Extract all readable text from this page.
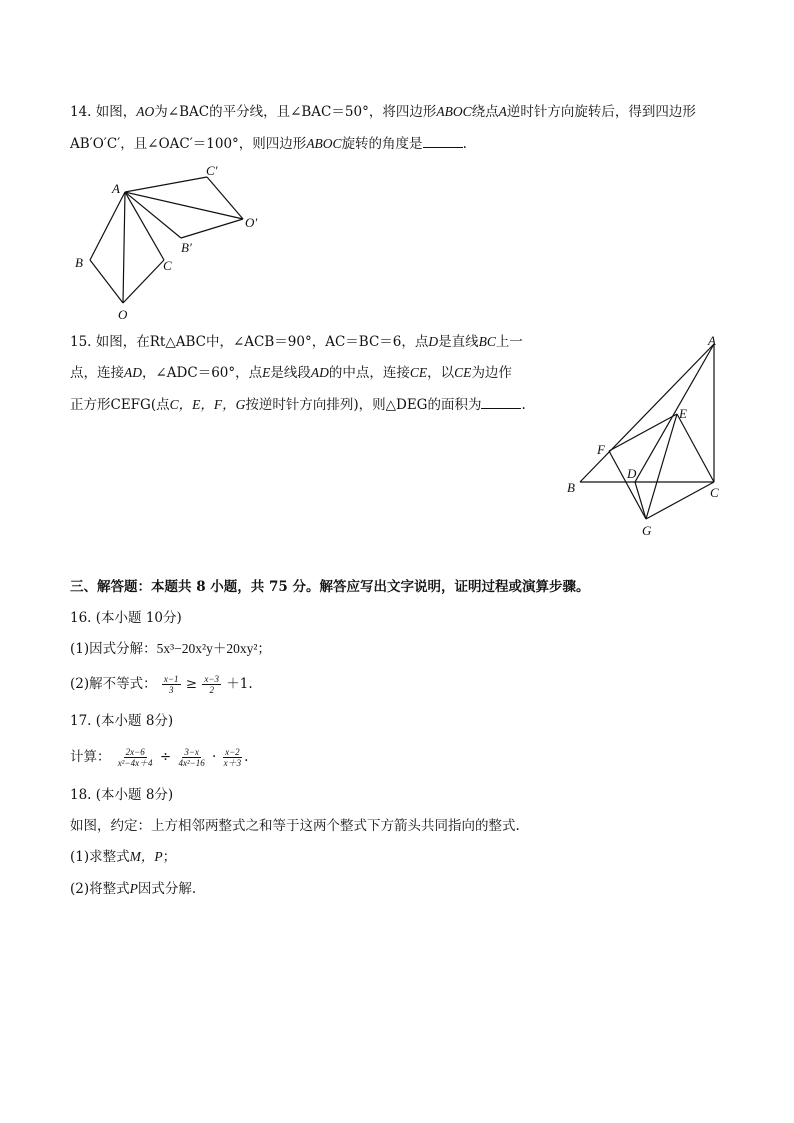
14. 如图，AO为∠BAC的平分线，且∠BAC＝50°，将四边形ABOC绕点A逆时针方向旋转后，得到四边形
AB′O′C′，且∠OAC′＝100°，则四边形ABOC旋转的角度是	.
A
B	C
O
C′
B′
O′
15. 如图，在Rt△ABC中，∠ACB＝90°，AC＝BC＝6，点D是直线BC上一
点，连接AD，∠ADC＝60°，点E是线段AD的中点，连接CE，以CE为边作
正方形CEFG(点C，E，F，G按逆时针方向排列)，则△DEG的面积为	.
A
B	C
D
E
F
G
三、解答题：本题共 8 小题，共 75 分。解答应写出文字说明，证明过程或演算步骤。
16. (本小题 10分)
(1)因式分解：5x³−20x²y＋20xy²；
(2)解不等式： $\frac{x-1}{3} \ge \frac{x-3}{2} +1$.
17. (本小题 8分)
计算： $\frac{2x-6}{\text{x²−4x＋4}} \div \frac{3-x}{\text{4x²−16}} \cdot \frac{x-2}{x+3}$ .
18. (本小题 8分)
如图，约定：上方相邻两整式之和等于这两个整式下方箭头共同指向的整式.
(1)求整式M，P；
(2)将整式P因式分解.
